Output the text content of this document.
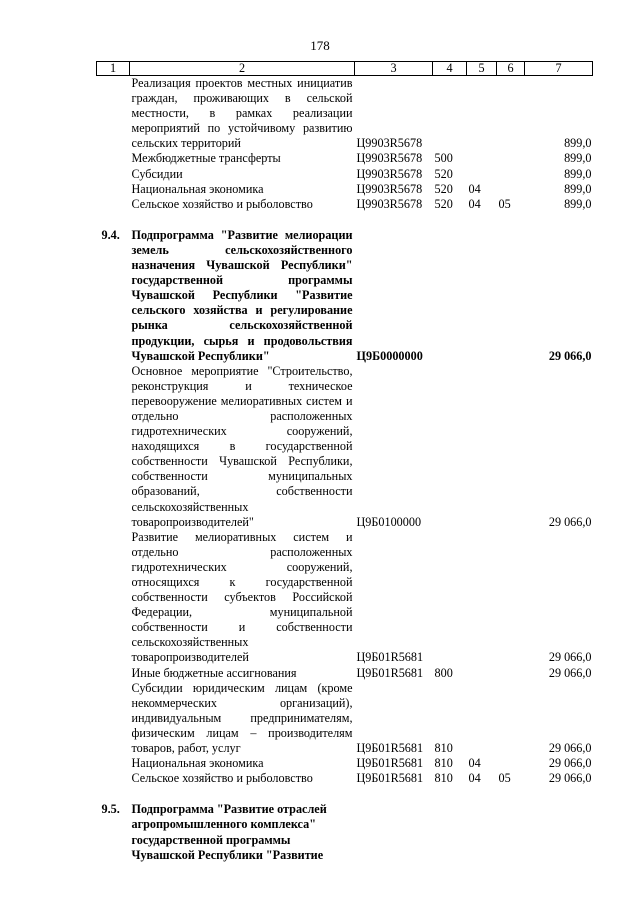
178
1	2	3	4	5	6	7
	Реализация проектов местных инициатив граждан, проживающих в сельской местности, в рамках реализации мероприятий по устойчивому развитию сельских территорий	Ц9903R5678				899,0
	Межбюджетные трансферты	Ц9903R5678	500			899,0
	Субсидии	Ц9903R5678	520			899,0
	Национальная экономика	Ц9903R5678	520	04		899,0
	Сельское хозяйство и рыболовство	Ц9903R5678	520	04	05	899,0

9.4.	Подпрограмма "Развитие мелиорации земель сельскохозяйственного назначения Чувашской Республики" государственной программы Чувашской Республики "Развитие сельского хозяйства и регулирование рынка сельскохозяйственной продукции, сырья и продовольствия Чувашской Республики"	Ц9Б0000000				29 066,0
	Основное мероприятие "Строительство, реконструкция и техническое перевооружение мелиоративных систем и отдельно расположенных гидротехнических сооружений, находящихся в государственной собственности Чувашской Республики, собственности муниципальных образований, собственности сельскохозяйственных товаропроизводителей"	Ц9Б0100000				29 066,0
	Развитие мелиоративных систем и отдельно расположенных гидротехнических сооружений, относящихся к государственной собственности субъектов Российской Федерации, муниципальной собственности и собственности сельскохозяйственных товаропроизводителей	Ц9Б01R5681				29 066,0
	Иные бюджетные ассигнования	Ц9Б01R5681	800			29 066,0
	Субсидии юридическим лицам (кроме некоммерческих организаций), индивидуальным предпринимателям, физическим лицам – производителям товаров, работ, услуг	Ц9Б01R5681	810			29 066,0
	Национальная экономика	Ц9Б01R5681	810	04		29 066,0
	Сельское хозяйство и рыболовство	Ц9Б01R5681	810	04	05	29 066,0

9.5.	Подпрограмма "Развитие отраслей агропромышленного комплекса" государственной программы Чувашской Республики "Развитие					
